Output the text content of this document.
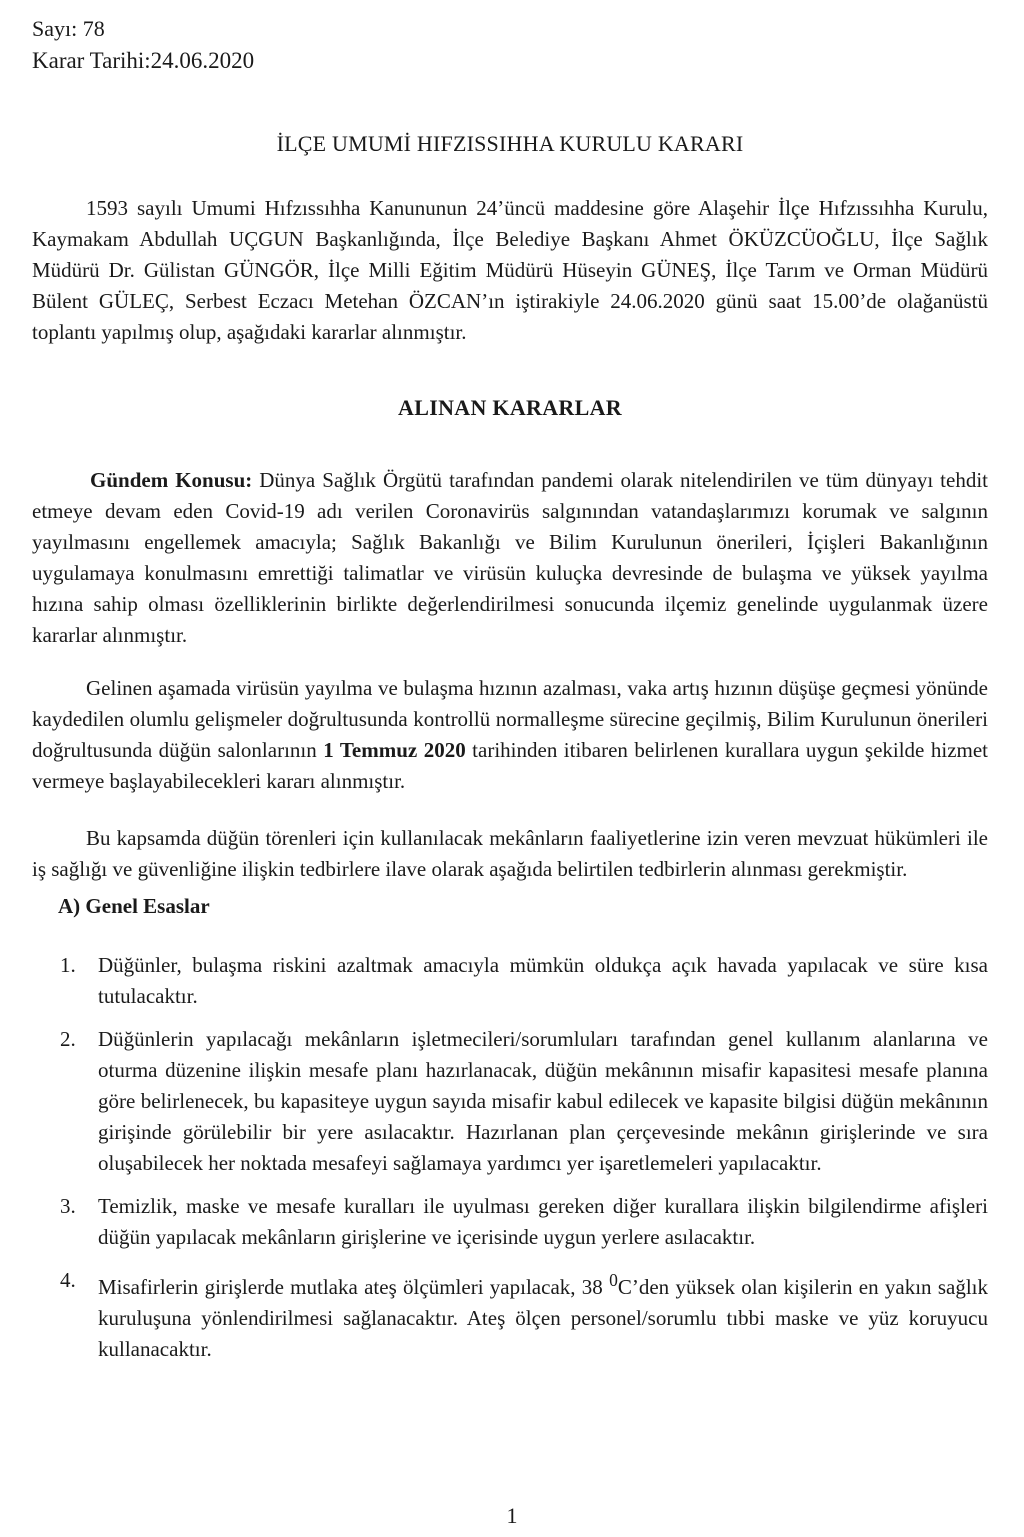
Sayı: 78
Karar Tarihi:24.06.2020
İLÇE UMUMİ HIFZISSIHHA KURULU KARARI

1593 sayılı Umumi Hıfzıssıhha Kanununun 24’üncü maddesine göre Alaşehir İlçe Hıfzıssıhha Kurulu, Kaymakam Abdullah UÇGUN Başkanlığında, İlçe Belediye Başkanı Ahmet ÖKÜZCÜOĞLU, İlçe Sağlık Müdürü Dr. Gülistan GÜNGÖR, İlçe Milli Eğitim Müdürü Hüseyin GÜNEŞ, İlçe Tarım ve Orman Müdürü Bülent GÜLEÇ, Serbest Eczacı Metehan ÖZCAN’ın iştirakiyle 24.06.2020 günü saat 15.00’de olağanüstü toplantı yapılmış olup, aşağıdaki kararlar alınmıştır.

ALINAN KARARLAR

Gündem Konusu: Dünya Sağlık Örgütü tarafından pandemi olarak nitelendirilen ve tüm dünyayı tehdit etmeye devam eden Covid-19 adı verilen Coronavirüs salgınından vatandaşlarımızı korumak ve salgının yayılmasını engellemek amacıyla; Sağlık Bakanlığı ve Bilim Kurulunun önerileri, İçişleri Bakanlığının uygulamaya konulmasını emrettiği talimatlar ve virüsün kuluçka devresinde de bulaşma ve yüksek yayılma hızına sahip olması özelliklerinin birlikte değerlendirilmesi sonucunda ilçemiz genelinde uygulanmak üzere kararlar alınmıştır.

Gelinen aşamada virüsün yayılma ve bulaşma hızının azalması, vaka artış hızının düşüşe geçmesi yönünde kaydedilen olumlu gelişmeler doğrultusunda kontrollü normalleşme sürecine geçilmiş, Bilim Kurulunun önerileri doğrultusunda düğün salonlarının 1 Temmuz 2020 tarihinden itibaren belirlenen kurallara uygun şekilde hizmet vermeye başlayabilecekleri kararı alınmıştır.

Bu kapsamda düğün törenleri için kullanılacak mekânların faaliyetlerine izin veren mevzuat hükümleri ile iş sağlığı ve güvenliğine ilişkin tedbirlere ilave olarak aşağıda belirtilen tedbirlerin alınması gerekmiştir.

A) Genel Esaslar
1. Düğünler, bulaşma riskini azaltmak amacıyla mümkün oldukça açık havada yapılacak ve süre kısa tutulacaktır.
2. Düğünlerin yapılacağı mekânların işletmecileri/sorumluları tarafından genel kullanım alanlarına ve oturma düzenine ilişkin mesafe planı hazırlanacak, düğün mekânının misafir kapasitesi mesafe planına göre belirlenecek, bu kapasiteye uygun sayıda misafir kabul edilecek ve kapasite bilgisi düğün mekânının girişinde görülebilir bir yere asılacaktır. Hazırlanan plan çerçevesinde mekânın girişlerinde ve sıra oluşabilecek her noktada mesafeyi sağlamaya yardımcı yer işaretlemeleri yapılacaktır.
3. Temizlik, maske ve mesafe kuralları ile uyulması gereken diğer kurallara ilişkin bilgilendirme afişleri düğün yapılacak mekânların girişlerine ve içerisinde uygun yerlere asılacaktır.
4. Misafirlerin girişlerde mutlaka ateş ölçümleri yapılacak, 38 $^0$C’den yüksek olan kişilerin en yakın sağlık kuruluşuna yönlendirilmesi sağlanacaktır. Ateş ölçen personel/sorumlu tıbbi maske ve yüz koruyucu kullanacaktır.
1
